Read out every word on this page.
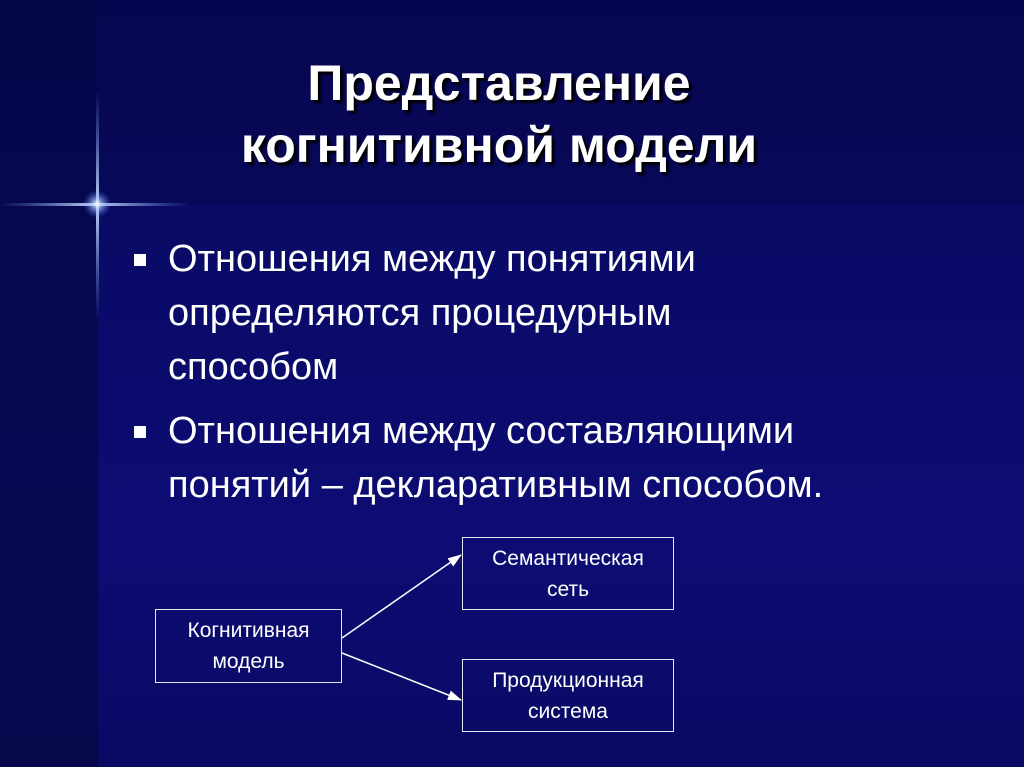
Представление
когнитивной модели
Отношения между понятиями
определяются процедурным
способом
Отношения между составляющими
понятий – декларативным способом.
Когнитивная
модель
Семантическая
сеть
Продукционная
система
